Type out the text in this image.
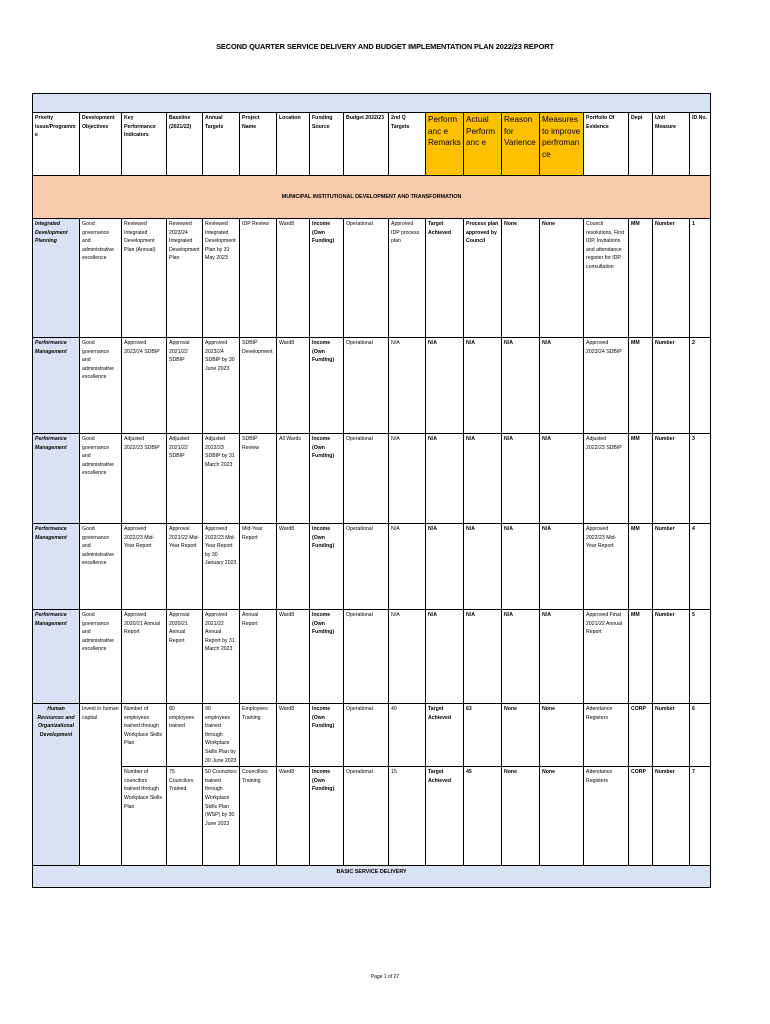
SECOND QUARTER SERVICE DELIVERY AND BUDGET IMPLEMENTATION PLAN 2022/23 REPORT

Priority Issue/Programme	Development Objectives	Key Performance Indicators	Baseline (2021/22)	Annual Targets	Project Name	Location	Funding Source	Budget 2022/23	2nd Q Targets	Performanc e Remarks	Actual Performanc e	Reason for Varience	Measures to improve perfromance	Portfolio Of Evidence	Dept	Unit Measure	ID No.
MUNICIPAL INSTITUTIONAL DEVELOPMENT AND TRANSFORMATION																	
Integrated Development Planning	Good governance and administrative excellence	Reviewed Integrated Development Plan (Annual)	Reviewed 2023/24 Integrated Development Plan	Reviewed Integrated Development Plan by 31 May 2023	IDP Review	Ward8	Income (Own Funding)	Operational	Approved IDP process plan	Target Achieved	Process plan approved by Council	None	None	Council resolutions, First IDP, Invitations and attendance register for IDP consultation	MM	Number	1
Performance Management	Good governance and administrative excellence	Approved 2023/24 SDBIP	Approval 2021/22 SDBIP	Approved 2023/24 SDBIP by 30 June 2023	SDBIP Development	Ward8	Income (Own Funding)	Operational	N/A	N/A	N/A	N/A	N/A	Approved 2023/24 SDBIP	MM	Number	2
Performance Management	Good governance and administrative excellence	Adjusted 2022/23 SDBIP	Adjusted 2021/22 SDBIP	Adjusted 2022/23 SDBIP by 31 March 2023	SDBIP Review	All Wards	Income (Own Funding)	Operational	N/A	N/A	N/A	N/A	N/A	Adjusted 2022/23 SDBIP	MM	Number	3
Performance Management	Good governance and administrative excellence	Approved 2022/23 Mid-Year Report	Approval 2021/22 Mid-Year Report	Approved 2022/23 Mid-Year Report by 30 January 2023	Mid-Year Report	Ward8	Income (Own Funding)	Operational	N/A	N/A	N/A	N/A	N/A	Approved 2022/23 Mid-Year Report	MM	Number	4
Performance Management	Good governance and administrative excellence	Approved 2020/21 Annual Report	Approval 2020/21 Annual Report	Approved 2021/22 Annual Report by 31 March 2023	Annual Report	Ward8	Income (Own Funding)	Operational	N/A	N/A	N/A	N/A	N/A	Approved Final 2021/22 Annual Report	MM	Number	5
Human Resources and Organizational Development	Invest in human capital	Number of employees trained through Workplace Skills Plan	80 employees trained	90 employees trained through Workplace Skills Plan by 30 June 2023	Employees Training	Ward8	Income (Own Funding)	Operational	40	Target Achieved	63	None	None	Attendance Registers	CORP	Number	6
		Number of councilors trained through Workplace Skills Plan	75 Councilors Trained	50 Councilors trained through Workplace Skills Plan (WSP) by 30 June 2023	Councillors Training	Ward8	Income (Own Funding)	Operational	15	Target Achieved	45	None	None	Attendance Registers	CORP	Number	7
BASIC SERVICE DELIVERY																	
Page 1 of 27
